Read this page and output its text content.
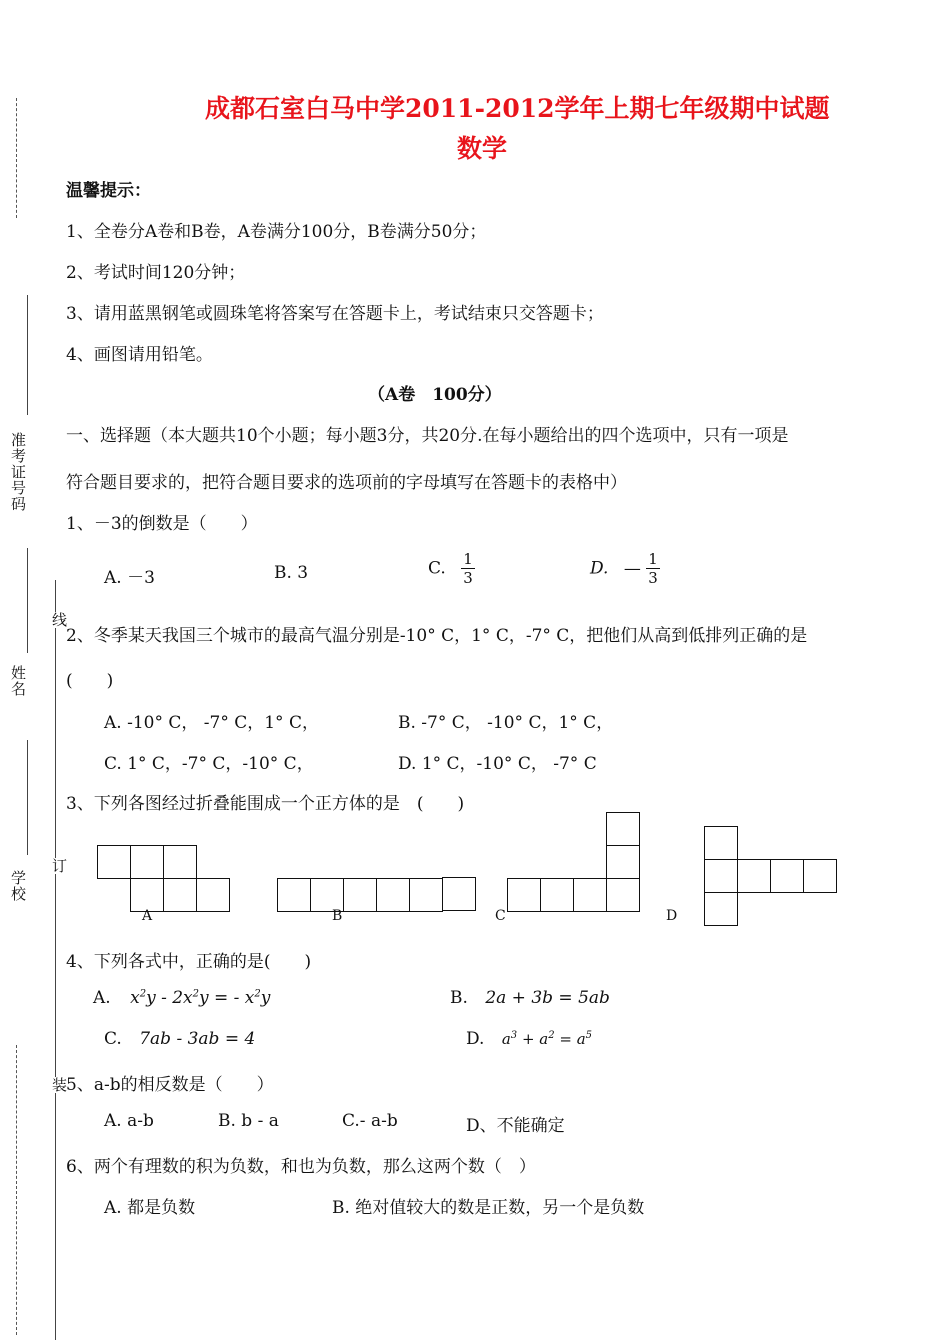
准考证号码
姓名
学校
线
订
装
成都石室白马中学2011-2012学年上期七年级期中试题
数学
温馨提示：
1、全卷分A卷和B卷，A卷满分100分，B卷满分50分；
2、考试时间120分钟；
3、请用蓝黑钢笔或圆珠笔将答案写在答题卡上，考试结束只交答题卡；
4、画图请用铅笔。
（A卷　100分）
一、选择题（本大题共10个小题；每小题3分，共20分.在每小题给出的四个选项中，只有一项是
符合题目要求的，把符合题目要求的选项前的字母填写在答题卡的表格中）
1、－3的倒数是（　　）
A. －3	B. 3	C. $\frac{1}{3}$	D. — $\frac{1}{3}$
2、冬季某天我国三个城市的最高气温分别是-10° C，1° C，-7° C，把他们从高到低排列正确的是
(　　)
A. -10° C， -7° C，1° C，	B. -7° C， -10° C，1° C，
C. 1° C，-7° C，-10° C，	D. 1° C，-10° C， -7° C
3、下列各图经过折叠能围成一个正方体的是　(　　)
A	B	C	D
4、下列各式中，正确的是(　　)
A. $x^2y - 2x^2y$ = - $x^2y$	B. 2a + 3b = 5ab
C. 7ab - 3ab = 4	D. $a^3 + a^2 = a^5$
5、a-b的相反数是（　　）
A. a-b	B. b - a	C.- a-b	D、不能确定
6、两个有理数的积为负数，和也为负数，那么这两个数（　）
A. 都是负数	B. 绝对值较大的数是正数，另一个是负数
